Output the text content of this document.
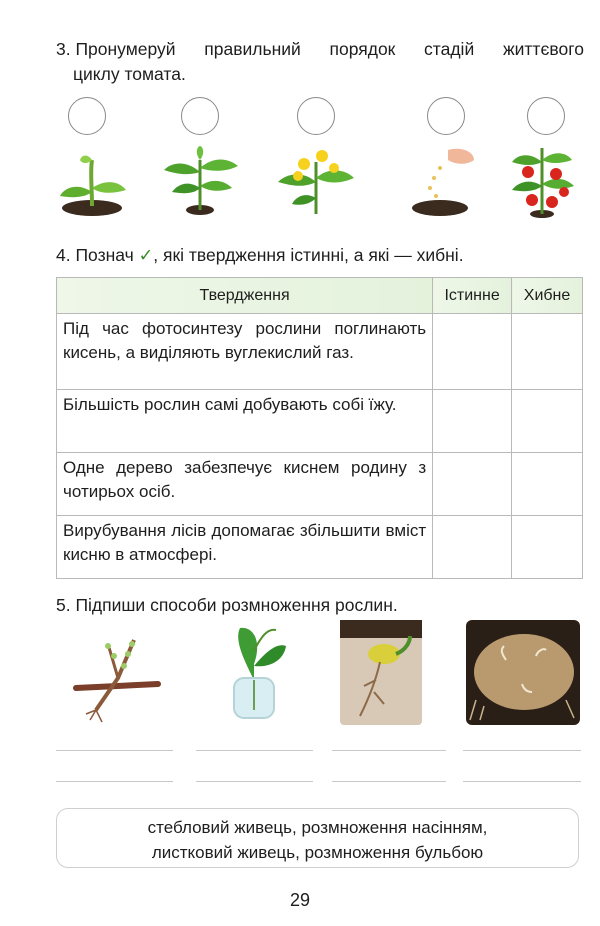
3. Пронумеруй правильний порядок стадій життєвого
циклу томата.
4. Познач ✓, які твердження істинні, а які — хибні.
Твердження	Істинне	Хибне
Під час фотосинтезу рослини поглинають кисень, а виділяють вуглекислий газ.		
Більшість рослин самі добувають собі їжу.		
Одне дерево забезпечує киснем родину з чотирьох осіб.		
Вирубування лісів допомагає збільшити вміст кисню в атмосфері.		
5. Підпиши способи розмноження рослин.
стебловий живець, розмноження насінням,
листковий живець, розмноження бульбою
29
